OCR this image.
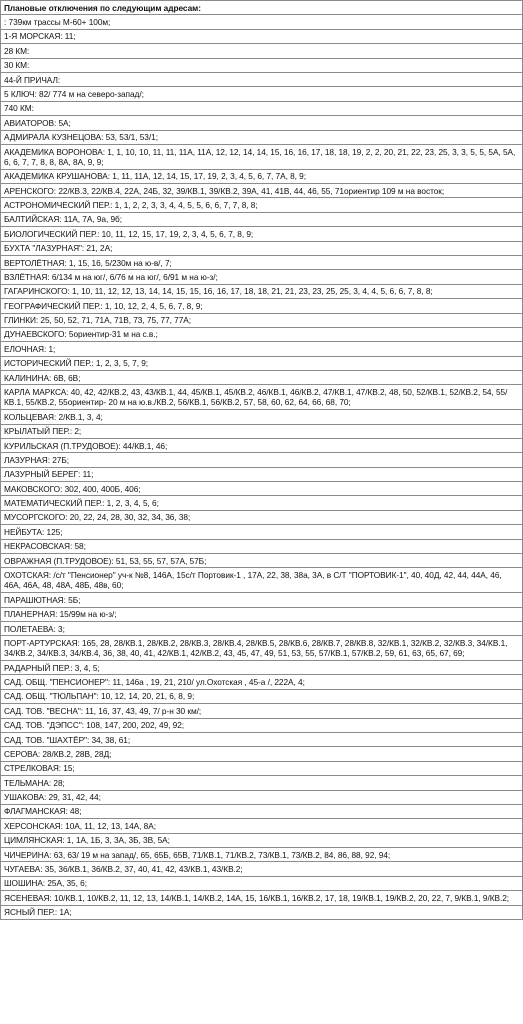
Плановые отключения по следующим адресам:
: 739км трассы М-60+ 100м;
1-Я МОРСКАЯ: 11;
28 КМ:
30 КМ:
44-Й ПРИЧАЛ:
5 КЛЮЧ: 82/ 774 м на северо-запад/;
740 КМ:
АВИАТОРОВ: 5А;
АДМИРАЛА КУЗНЕЦОВА: 53, 53/1, 53/1;
АКАДЕМИКА ВОРОНОВА: 1, 1, 10, 10, 11, 11, 11А, 11А, 12, 12, 14, 14, 15, 16, 16, 17, 18, 18, 19, 2, 2, 20, 21, 22, 23, 25, 3, 3, 5, 5, 5А, 5А, 6, 6, 7, 7, 8, 8, 8А, 8А, 9, 9;
АКАДЕМИКА КРУШАНОВА: 1, 11, 11А, 12, 14, 15, 17, 19, 2, 3, 4, 5, 6, 7, 7А, 8, 9;
АРЕНСКОГО: 22/КВ.3, 22/КВ.4, 22А, 24Б, 32, 39/КВ.1, 39/КВ.2, 39А, 41, 41В, 44, 46, 55, 71ориентир 109 м на восток;
АСТРОНОМИЧЕСКИЙ ПЕР.: 1, 1, 2, 2, 3, 3, 4, 4, 5, 5, 6, 6, 7, 7, 8, 8;
БАЛТИЙСКАЯ: 11А, 7А, 9а, 9б;
БИОЛОГИЧЕСКИЙ ПЕР.: 10, 11, 12, 15, 17, 19, 2, 3, 4, 5, 6, 7, 8, 9;
БУХТА "ЛАЗУРНАЯ": 21, 2А;
ВЕРТОЛЁТНАЯ: 1, 15, 16, 5/230м на ю-в/, 7;
ВЗЛЁТНАЯ: 6/134 м на юг/, 6/76 м на юг/, 6/91 м на ю-з/;
ГАГАРИНСКОГО: 1, 10, 11, 12, 12, 13, 14, 14, 15, 15, 16, 16, 17, 18, 18, 21, 21, 23, 23, 25, 25, 3, 4, 4, 5, 6, 6, 7, 8, 8;
ГЕОГРАФИЧЕСКИЙ ПЕР.: 1, 10, 12, 2, 4, 5, 6, 7, 8, 9;
ГЛИНКИ: 25, 50, 52, 71, 71А, 71В, 73, 75, 77, 77А;
ДУНАЕВСКОГО: 5ориентир-31 м на с.в.;
ЕЛОЧНАЯ: 1;
ИСТОРИЧЕСКИЙ ПЕР.: 1, 2, 3, 5, 7, 9;
КАЛИНИНА: 6В, 6В;
КАРЛА МАРКСА: 40, 42, 42/КВ.2, 43, 43/КВ.1, 44, 45/КВ.1, 45/КВ.2, 46/КВ.1, 46/КВ.2, 47/КВ.1, 47/КВ.2, 48, 50, 52/КВ.1, 52/КВ.2, 54, 55/КВ.1, 55/КВ.2, 55ориентир- 20 м на ю.в./КВ.2, 56/КВ.1, 56/КВ.2, 57, 58, 60, 62, 64, 66, 68, 70;
КОЛЬЦЕВАЯ: 2/КВ.1, 3, 4;
КРЫЛАТЫЙ ПЕР.: 2;
КУРИЛЬСКАЯ (П.ТРУДОВОЕ): 44/КВ.1, 46;
ЛАЗУРНАЯ: 27Б;
ЛАЗУРНЫЙ БЕРЕГ: 11;
МАКОВСКОГО: 302, 400, 400Б, 406;
МАТЕМАТИЧЕСКИЙ ПЕР.: 1, 2, 3, 4, 5, 6;
МУСОРГСКОГО: 20, 22, 24, 28, 30, 32, 34, 36, 38;
НЕЙБУТА: 125;
НЕКРАСОВСКАЯ: 58;
ОВРАЖНАЯ (П.ТРУДОВОЕ): 51, 53, 55, 57, 57А, 57Б;
ОХОТСКАЯ: /с/т "Пенсионер" уч-к №8, 146А, 15с/т Портовик-1 , 17А, 22, 38, 38а, 3А, в С/Т "ПОРТОВИК-1", 40, 40Д, 42, 44, 44А, 46, 46А, 46А, 48, 48А, 48Б, 48в, 60;
ПАРАШЮТНАЯ: 5Б;
ПЛАНЕРНАЯ: 15/99м на ю-з/;
ПОЛЕТАЕВА: 3;
ПОРТ-АРТУРСКАЯ: 165, 28, 28/КВ.1, 28/КВ.2, 28/КВ.3, 28/КВ.4, 28/КВ.5, 28/КВ.6, 28/КВ.7, 28/КВ.8, 32/КВ.1, 32/КВ.2, 32/КВ.3, 34/КВ.1, 34/КВ.2, 34/КВ.3, 34/КВ.4, 36, 38, 40, 41, 42/КВ.1, 42/КВ.2, 43, 45, 47, 49, 51, 53, 55, 57/КВ.1, 57/КВ.2, 59, 61, 63, 65, 67, 69;
РАДАРНЫЙ ПЕР.: 3, 4, 5;
САД. ОБЩ. "ПЕНСИОНЕР": 11, 146а , 19, 21, 210/ ул.Охотская , 45-а /, 222А, 4;
САД. ОБЩ. "ТЮЛЬПАН": 10, 12, 14, 20, 21, 6, 8, 9;
САД. ТОВ. "ВЕСНА": 11, 16, 37, 43, 49, 7/ р-н 30 км/;
САД. ТОВ. "ДЭПСС": 108, 147, 200, 202, 49, 92;
САД. ТОВ. "ШАХТЁР": 34, 38, 61;
СЕРОВА: 28/КВ.2, 28В, 28Д;
СТРЕЛКОВАЯ: 15;
ТЕЛЬМАНА: 28;
УШАКОВА: 29, 31, 42, 44;
ФЛАГМАНСКАЯ: 48;
ХЕРСОНСКАЯ: 10А, 11, 12, 13, 14А, 8А;
ЦИМЛЯНСКАЯ: 1, 1А, 1Б, 3, 3А, 3Б, 3В, 5А;
ЧИЧЕРИНА: 63, 63/ 19 м на запад/, 65, 65Б, 65В, 71/КВ.1, 71/КВ.2, 73/КВ.1, 73/КВ.2, 84, 86, 88, 92, 94;
ЧУГАЕВА: 35, 36/КВ.1, 36/КВ.2, 37, 40, 41, 42, 43/КВ.1, 43/КВ.2;
ШОШИНА: 25А, 35, 6;
ЯСЕНЕВАЯ: 10/КВ.1, 10/КВ.2, 11, 12, 13, 14/КВ.1, 14/КВ.2, 14А, 15, 16/КВ.1, 16/КВ.2, 17, 18, 19/КВ.1, 19/КВ.2, 20, 22, 7, 9/КВ.1, 9/КВ.2;
ЯСНЫЙ ПЕР.: 1А;
